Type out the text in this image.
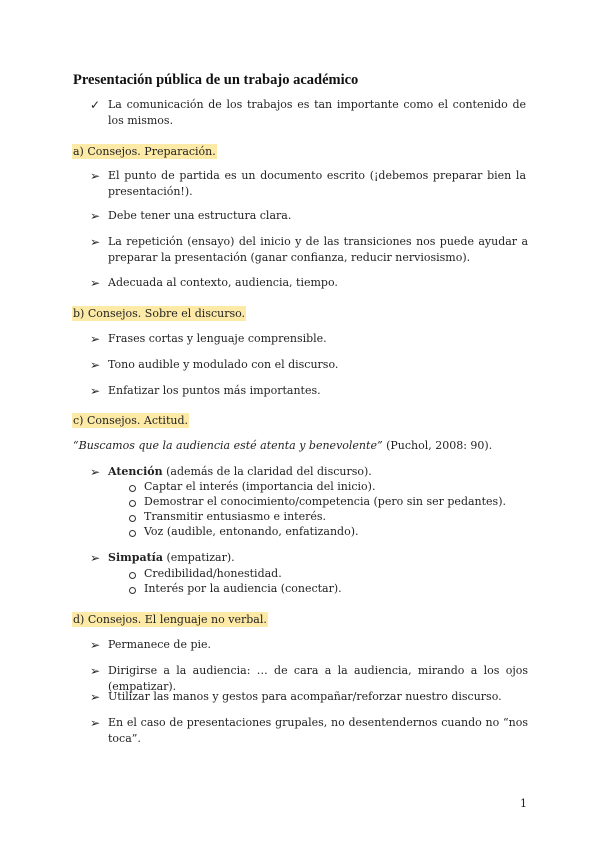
Presentación pública de un trabajo académico
✓ La comunicación de los trabajos es tan importante como el contenido de los mismos.
a) Consejos. Preparación.
➢ El punto de partida es un documento escrito (¡debemos preparar bien la presentación!).
➢ Debe tener una estructura clara.
➢ La repetición (ensayo) del inicio y de las transiciones nos puede ayudar a preparar la presentación (ganar confianza, reducir nerviosismo).
➢ Adecuada al contexto, audiencia, tiempo.
b) Consejos. Sobre el discurso.
➢ Frases cortas y lenguaje comprensible.
➢ Tono audible y modulado con el discurso.
➢ Enfatizar los puntos más importantes.
c) Consejos. Actitud.
“Buscamos que la audiencia esté atenta y benevolente” (Puchol, 2008: 90).
➢ Atención (además de la claridad del discurso).
Captar el interés (importancia del inicio).
Demostrar el conocimiento/competencia (pero sin ser pedantes).
Transmitir entusiasmo e interés.
Voz (audible, entonando, enfatizando).
➢ Simpatía (empatizar).
Credibilidad/honestidad.
Interés por la audiencia (conectar).
d) Consejos. El lenguaje no verbal.
➢ Permanece de pie.
➢ Dirigirse a la audiencia: … de cara a la audiencia, mirando a los ojos (empatizar).
➢ Utilizar las manos y gestos para acompañar/reforzar nuestro discurso.
➢ En el caso de presentaciones grupales, no desentendernos cuando no “nos toca”.
1
